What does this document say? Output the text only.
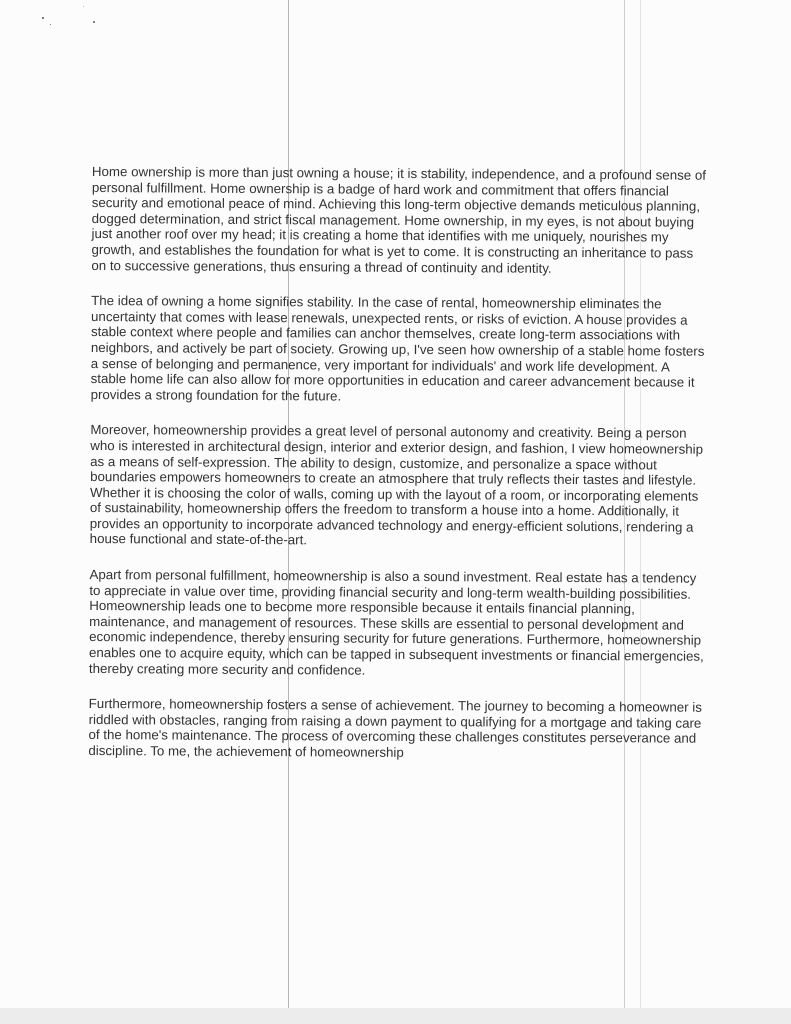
Home ownership is more than just owning a house; it is stability, independence, and a profound sense of personal fulfillment. Home ownership is a badge of hard work and commitment that offers financial security and emotional peace of mind. Achieving this long-term objective demands meticulous planning, dogged determination, and strict fiscal management. Home ownership, in my eyes, is not about buying just another roof over my head; it is creating a home that identifies with me uniquely, nourishes my growth, and establishes the foundation for what is yet to come. It is constructing an inheritance to pass on to successive generations, thus ensuring a thread of continuity and identity.

The idea of owning a home signifies stability. In the case of rental, homeownership eliminates the uncertainty that comes with lease renewals, unexpected rents, or risks of eviction. A house provides a stable context where people and families can anchor themselves, create long-term associations with neighbors, and actively be part of society. Growing up, I've seen how ownership of a stable home fosters a sense of belonging and permanence, very important for individuals' and work life development. A stable home life can also allow for more opportunities in education and career advancement because it provides a strong foundation for the future.

Moreover, homeownership provides a great level of personal autonomy and creativity. Being a person who is interested in architectural design, interior and exterior design, and fashion, I view homeownership as a means of self-expression. The ability to design, customize, and personalize a space without boundaries empowers homeowners to create an atmosphere that truly reflects their tastes and lifestyle. Whether it is choosing the color of walls, coming up with the layout of a room, or incorporating elements of sustainability, homeownership offers the freedom to transform a house into a home. Additionally, it provides an opportunity to incorporate advanced technology and energy-efficient solutions, rendering a house functional and state-of-the-art.

Apart from personal fulfillment, homeownership is also a sound investment. Real estate has a tendency to appreciate in value over time, providing financial security and long-term wealth-building possibilities. Homeownership leads one to become more responsible because it entails financial planning, maintenance, and management of resources. These skills are essential to personal development and economic independence, thereby ensuring security for future generations. Furthermore, homeownership enables one to acquire equity, which can be tapped in subsequent investments or financial emergencies, thereby creating more security and confidence.

Furthermore, homeownership fosters a sense of achievement. The journey to becoming a homeowner is riddled with obstacles, ranging from raising a down payment to qualifying for a mortgage and taking care of the home's maintenance. The process of overcoming these challenges constitutes perseverance and discipline. To me, the achievement of homeownership
